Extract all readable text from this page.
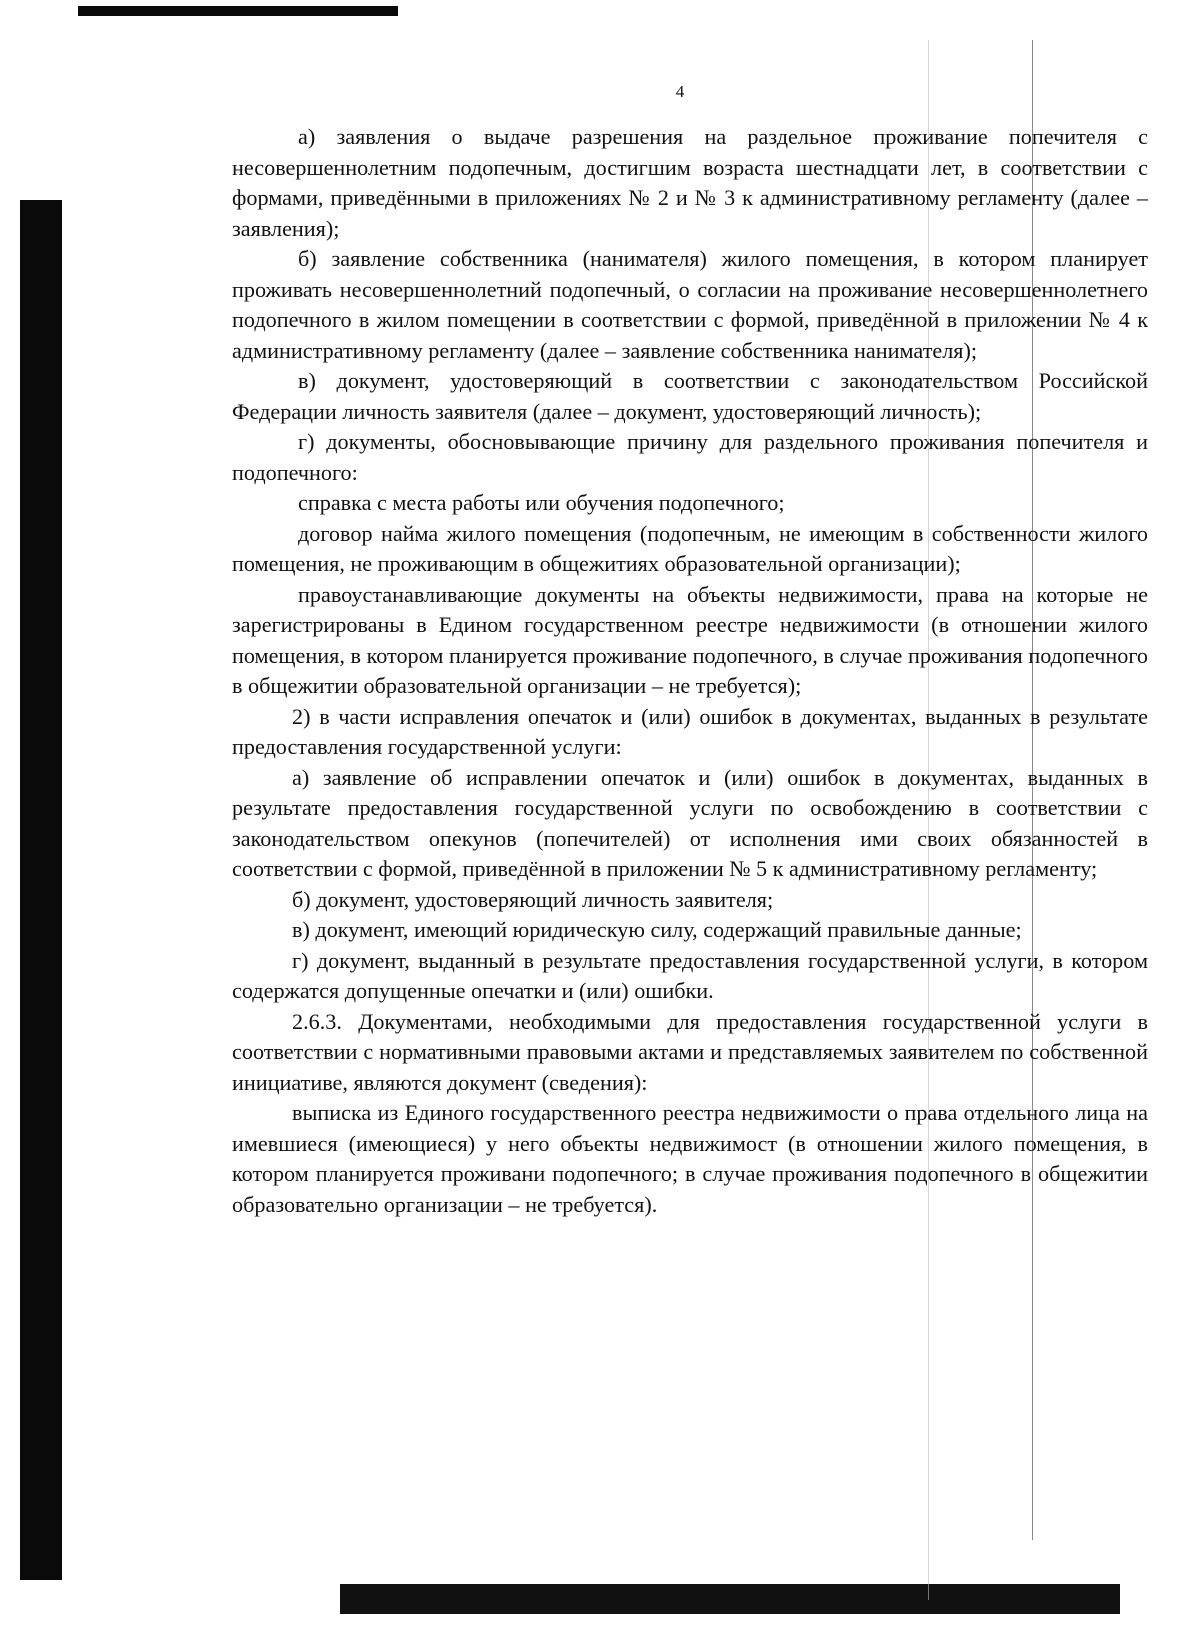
4

а) заявления о выдаче разрешения на раздельное проживание попечителя с несовершеннолетним подопечным, достигшим возраста шестнадцати лет, в соответствии с формами, приведёнными в приложениях № 2 и № 3 к административному регламенту (далее – заявления);

б) заявление собственника (нанимателя) жилого помещения, в котором планирует проживать несовершеннолетний подопечный, о согласии на проживание несовершеннолетнего подопечного в жилом помещении в соответствии с формой, приведённой в приложении № 4 к административному регламенту (далее – заявление собственника нанимателя);

в) документ, удостоверяющий в соответствии с законодательством Российской Федерации личность заявителя (далее – документ, удостоверяющий личность);

г) документы, обосновывающие причину для раздельного проживания попечителя и подопечного:

справка с места работы или обучения подопечного;

договор найма жилого помещения (подопечным, не имеющим в собственности жилого помещения, не проживающим в общежитиях образовательной организации);

правоустанавливающие документы на объекты недвижимости, права на которые не зарегистрированы в Едином государственном реестре недвижимости (в отношении жилого помещения, в котором планируется проживание подопечного, в случае проживания подопечного в общежитии образовательной организации – не требуется);

2) в части исправления опечаток и (или) ошибок в документах, выданных в результате предоставления государственной услуги:

а) заявление об исправлении опечаток и (или) ошибок в документах, выданных в результате предоставления государственной услуги по освобождению в соответствии с законодательством опекунов (попечителей) от исполнения ими своих обязанностей в соответствии с формой, приведённой в приложении № 5 к административному регламенту;

б) документ, удостоверяющий личность заявителя;

в) документ, имеющий юридическую силу, содержащий правильные данные;

г) документ, выданный в результате предоставления государственной услуги, в котором содержатся допущенные опечатки и (или) ошибки.

2.6.3. Документами, необходимыми для предоставления государственной услуги в соответствии с нормативными правовыми актами и представляемых заявителем по собственной инициативе, являются документ (сведения):

выписка из Единого государственного реестра недвижимости о права отдельного лица на имевшиеся (имеющиеся) у него объекты недвижимост (в отношении жилого помещения, в котором планируется проживани подопечного; в случае проживания подопечного в общежитии образовательно организации – не требуется).
